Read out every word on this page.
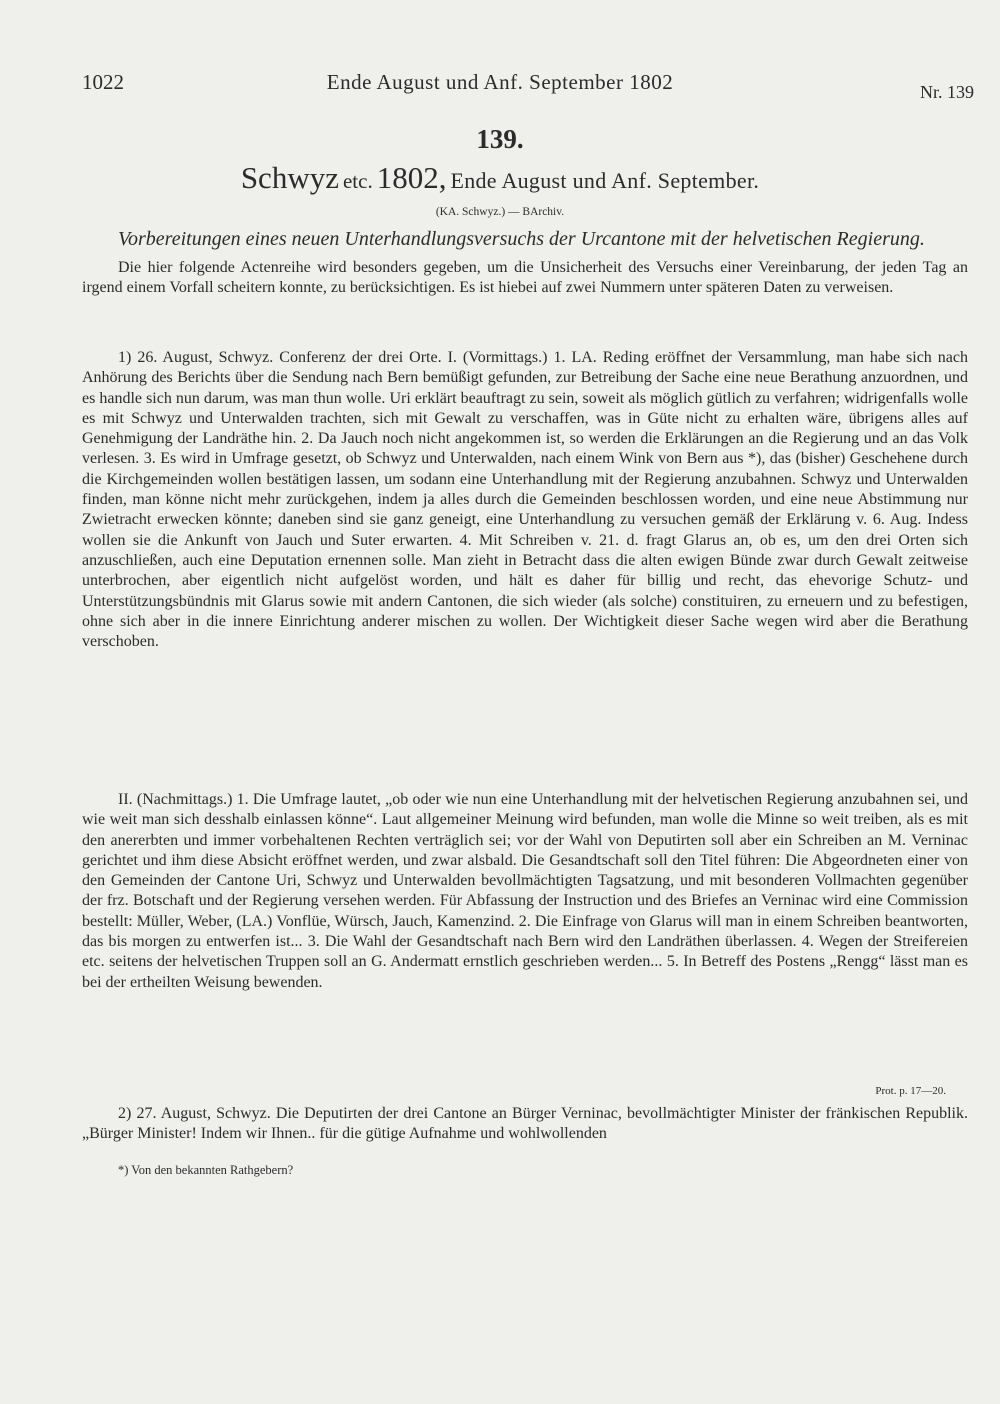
1022	Ende August und Anf. September 1802	Nr. 139
139.
Schwyz etc. 1802, Ende August und Anf. September.
(KA. Schwyz.) — BArchiv.
Vorbereitungen eines neuen Unterhandlungsversuchs der Urcantone mit der helvetischen Regierung.

Die hier folgende Actenreihe wird besonders gegeben, um die Unsicherheit des Versuchs einer Vereinbarung, der jeden Tag an irgend einem Vorfall scheitern konnte, zu berücksichtigen. Es ist hiebei auf zwei Nummern unter späteren Daten zu verweisen.

1) 26. August, Schwyz. Conferenz der drei Orte. I. (Vormittags.) 1. LA. Reding eröffnet der Versammlung, man habe sich nach Anhörung des Berichts über die Sendung nach Bern bemüßigt gefunden, zur Betreibung der Sache eine neue Berathung anzuordnen, und es handle sich nun darum, was man thun wolle. Uri erklärt beauftragt zu sein, soweit als möglich gütlich zu verfahren; widrigenfalls wolle es mit Schwyz und Unterwalden trachten, sich mit Gewalt zu verschaffen, was in Güte nicht zu erhalten wäre, übrigens alles auf Genehmigung der Landräthe hin. 2. Da Jauch noch nicht angekommen ist, so werden die Erklärungen an die Regierung und an das Volk verlesen. 3. Es wird in Umfrage gesetzt, ob Schwyz und Unterwalden, nach einem Wink von Bern aus *), das (bisher) Geschehene durch die Kirchgemeinden wollen bestätigen lassen, um sodann eine Unterhandlung mit der Regierung anzubahnen. Schwyz und Unterwalden finden, man könne nicht mehr zurückgehen, indem ja alles durch die Gemeinden beschlossen worden, und eine neue Abstimmung nur Zwietracht erwecken könnte; daneben sind sie ganz geneigt, eine Unterhandlung zu versuchen gemäß der Erklärung v. 6. Aug. Indess wollen sie die Ankunft von Jauch und Suter erwarten. 4. Mit Schreiben v. 21. d. fragt Glarus an, ob es, um den drei Orten sich anzuschließen, auch eine Deputation ernennen solle. Man zieht in Betracht dass die alten ewigen Bünde zwar durch Gewalt zeitweise unterbrochen, aber eigentlich nicht aufgelöst worden, und hält es daher für billig und recht, das ehevorige Schutz- und Unterstützungsbündnis mit Glarus sowie mit andern Cantonen, die sich wieder (als solche) constituiren, zu erneuern und zu befestigen, ohne sich aber in die innere Einrichtung anderer mischen zu wollen. Der Wichtigkeit dieser Sache wegen wird aber die Berathung verschoben.

II. (Nachmittags.) 1. Die Umfrage lautet, „ob oder wie nun eine Unterhandlung mit der helvetischen Regierung anzubahnen sei, und wie weit man sich desshalb einlassen könne“. Laut allgemeiner Meinung wird befunden, man wolle die Minne so weit treiben, als es mit den anererbten und immer vorbehaltenen Rechten verträglich sei; vor der Wahl von Deputirten soll aber ein Schreiben an M. Verninac gerichtet und ihm diese Absicht eröffnet werden, und zwar alsbald. Die Gesandtschaft soll den Titel führen: Die Abgeordneten einer von den Gemeinden der Cantone Uri, Schwyz und Unterwalden bevollmächtigten Tagsatzung, und mit besonderen Vollmachten gegenüber der frz. Botschaft und der Regierung versehen werden. Für Abfassung der Instruction und des Briefes an Verninac wird eine Commission bestellt: Müller, Weber, (LA.) Vonflüe, Würsch, Jauch, Kamenzind. 2. Die Einfrage von Glarus will man in einem Schreiben beantworten, das bis morgen zu entwerfen ist... 3. Die Wahl der Gesandtschaft nach Bern wird den Landräthen überlassen. 4. Wegen der Streifereien etc. seitens der helvetischen Truppen soll an G. Andermatt ernstlich geschrieben werden... 5. In Betreff des Postens „Rengg“ lässt man es bei der ertheilten Weisung bewenden.

Prot. p. 17—20.

2) 27. August, Schwyz. Die Deputirten der drei Cantone an Bürger Verninac, bevollmächtigter Minister der fränkischen Republik. „Bürger Minister! Indem wir Ihnen.. für die gütige Aufnahme und wohlwollenden

*) Von den bekannten Rathgebern?
